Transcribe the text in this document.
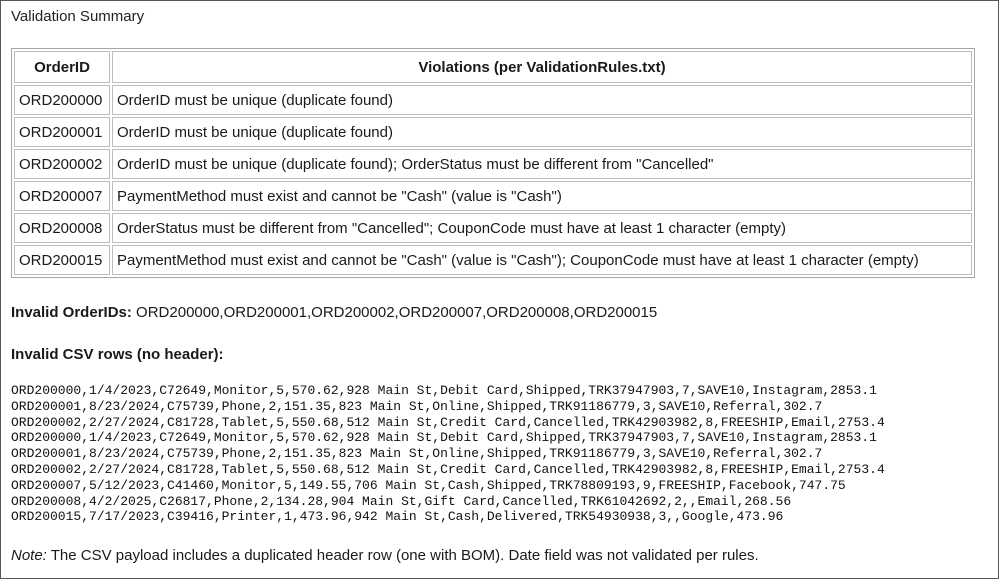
Validation Summary
OrderID	Violations (per ValidationRules.txt)
ORD200000	OrderID must be unique (duplicate found)
ORD200001	OrderID must be unique (duplicate found)
ORD200002	OrderID must be unique (duplicate found); OrderStatus must be different from "Cancelled"
ORD200007	PaymentMethod must exist and cannot be "Cash" (value is "Cash")
ORD200008	OrderStatus must be different from "Cancelled"; CouponCode must have at least 1 character (empty)
ORD200015	PaymentMethod must exist and cannot be "Cash" (value is "Cash"); CouponCode must have at least 1 character (empty)
Invalid OrderIDs: ORD200000,ORD200001,ORD200002,ORD200007,ORD200008,ORD200015
Invalid CSV rows (no header):
ORD200000,1/4/2023,C72649,Monitor,5,570.62,928 Main St,Debit Card,Shipped,TRK37947903,7,SAVE10,Instagram,2853.1
ORD200001,8/23/2024,C75739,Phone,2,151.35,823 Main St,Online,Shipped,TRK91186779,3,SAVE10,Referral,302.7
ORD200002,2/27/2024,C81728,Tablet,5,550.68,512 Main St,Credit Card,Cancelled,TRK42903982,8,FREESHIP,Email,2753.4
ORD200000,1/4/2023,C72649,Monitor,5,570.62,928 Main St,Debit Card,Shipped,TRK37947903,7,SAVE10,Instagram,2853.1
ORD200001,8/23/2024,C75739,Phone,2,151.35,823 Main St,Online,Shipped,TRK91186779,3,SAVE10,Referral,302.7
ORD200002,2/27/2024,C81728,Tablet,5,550.68,512 Main St,Credit Card,Cancelled,TRK42903982,8,FREESHIP,Email,2753.4
ORD200007,5/12/2023,C41460,Monitor,5,149.55,706 Main St,Cash,Shipped,TRK78809193,9,FREESHIP,Facebook,747.75
ORD200008,4/2/2025,C26817,Phone,2,134.28,904 Main St,Gift Card,Cancelled,TRK61042692,2,,Email,268.56
ORD200015,7/17/2023,C39416,Printer,1,473.96,942 Main St,Cash,Delivered,TRK54930938,3,,Google,473.96
Note: The CSV payload includes a duplicated header row (one with BOM). Date field was not validated per rules.
